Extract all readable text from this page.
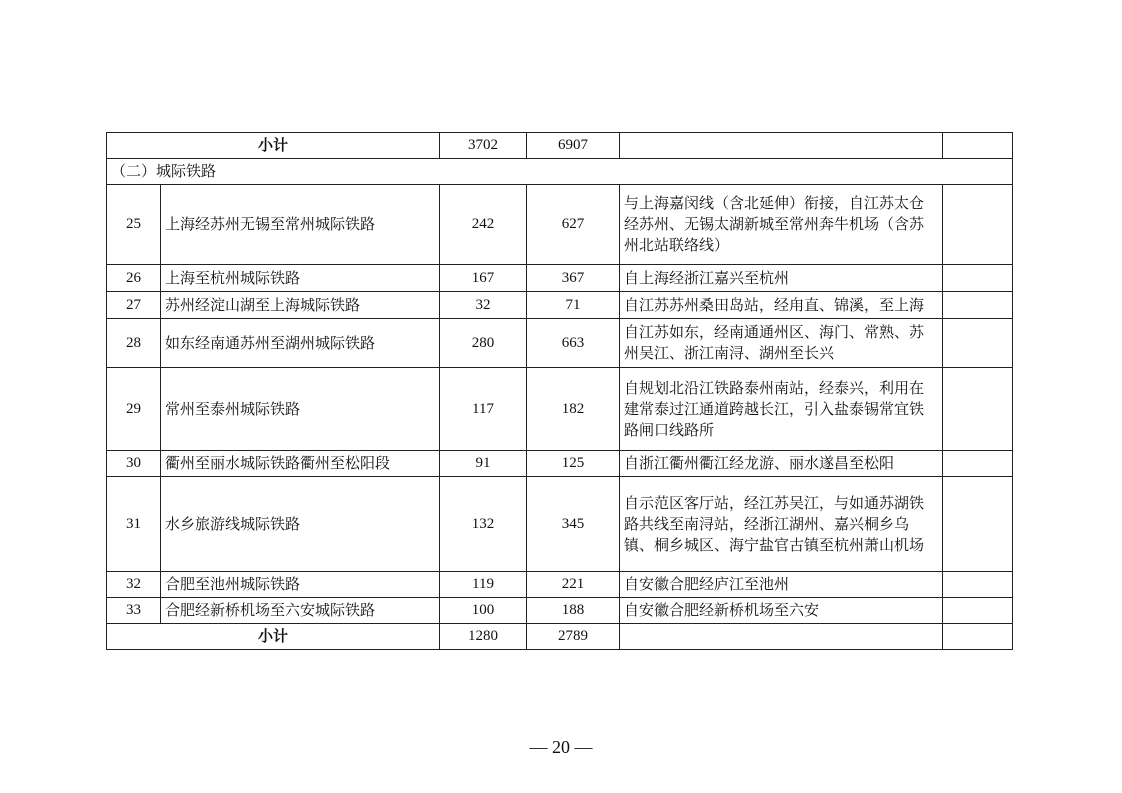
小计		3702	6907		
（二）城际铁路					
25	上海经苏州无锡至常州城际铁路	242	627	与上海嘉闵线（含北延伸）衔接，自江苏太仓经苏州、无锡太湖新城至常州奔牛机场（含苏州北站联络线）	
26	上海至杭州城际铁路	167	367	自上海经浙江嘉兴至杭州	
27	苏州经淀山湖至上海城际铁路	32	71	自江苏苏州桑田岛站，经甪直、锦溪，至上海	
28	如东经南通苏州至湖州城际铁路	280	663	自江苏如东，经南通通州区、海门、常熟、苏州吴江、浙江南浔、湖州至长兴	
29	常州至泰州城际铁路	117	182	自规划北沿江铁路泰州南站，经泰兴，利用在建常泰过江通道跨越长江，引入盐泰锡常宜铁路闸口线路所	
30	衢州至丽水城际铁路衢州至松阳段	91	125	自浙江衢州衢江经龙游、丽水遂昌至松阳	
31	水乡旅游线城际铁路	132	345	自示范区客厅站，经江苏吴江，与如通苏湖铁路共线至南浔站，经浙江湖州、嘉兴桐乡乌镇、桐乡城区、海宁盐官古镇至杭州萧山机场	
32	合肥至池州城际铁路	119	221	自安徽合肥经庐江至池州	
33	合肥经新桥机场至六安城际铁路	100	188	自安徽合肥经新桥机场至六安	
小计		1280	2789		
— 20 —
